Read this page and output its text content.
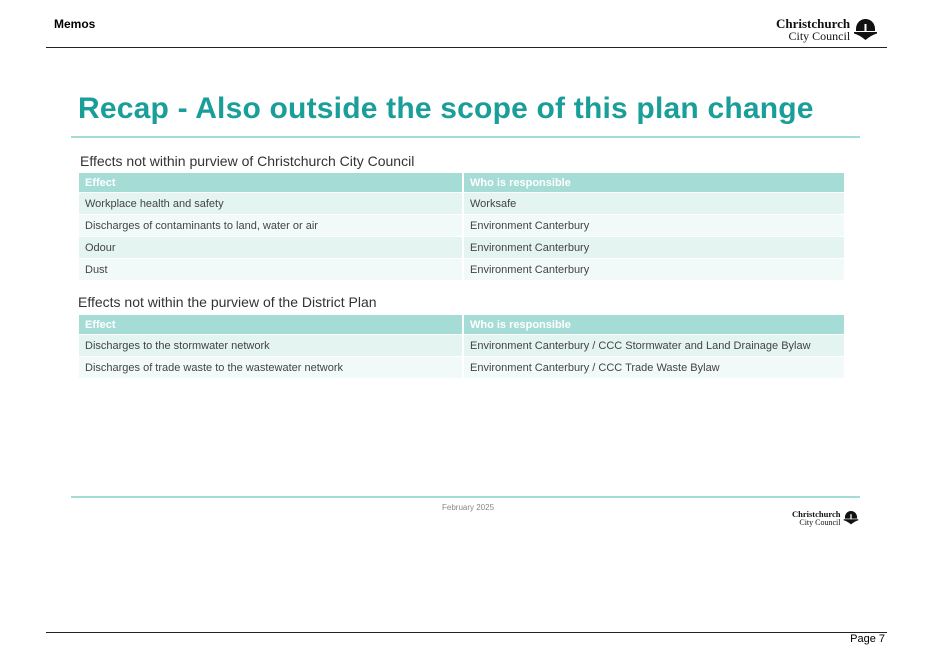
Memos	Christchurch
City Council
Recap - Also outside the scope of this plan change
Effects not within purview of Christchurch City Council
Effect	Who is responsible
Workplace health and safety	Worksafe
Discharges of contaminants to land, water or air	Environment Canterbury
Odour	Environment Canterbury
Dust	Environment Canterbury
Effects not within the purview of the District Plan
Effect	Who is responsible
Discharges to the stormwater network	Environment Canterbury / CCC Stormwater and Land Drainage Bylaw
Discharges of trade waste to the wastewater network	Environment Canterbury / CCC Trade Waste Bylaw
February 2025
Christchurch
City Council
Page 7
